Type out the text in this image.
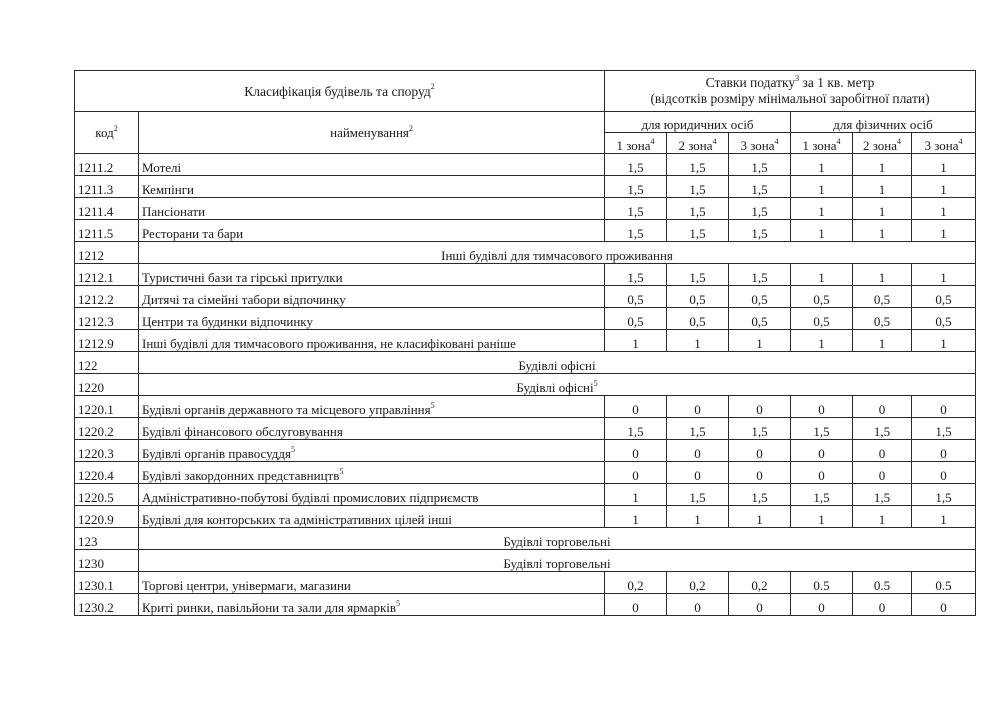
Класифікація будівель та споруд$^2$		Ставки податку$^3$ за 1 кв. метр
(відсотків розміру мінімальної заробітної плати)					
код$^2$	найменування$^2$	для юридичних осіб			для фізичних осіб		
		1 зона$^4$	2 зона$^4$	3 зона$^4$	1 зона$^4$	2 зона$^4$	3 зона$^4$
1211.2	Мотелі	1,5	1,5	1,5	1	1	1
1211.3	Кемпінги	1,5	1,5	1,5	1	1	1
1211.4	Пансіонати	1,5	1,5	1,5	1	1	1
1211.5	Ресторани та бари	1,5	1,5	1,5	1	1	1
1212	Інші будівлі для тимчасового проживання						
1212.1	Туристичні бази та гірські притулки	1,5	1,5	1,5	1	1	1
1212.2	Дитячі та сімейні табори відпочинку	0,5	0,5	0,5	0,5	0,5	0,5
1212.3	Центри та будинки відпочинку	0,5	0,5	0,5	0,5	0,5	0,5
1212.9	Інші будівлі для тимчасового проживання, не класифіковані раніше	1	1	1	1	1	1
122	Будівлі офісні						
1220	Будівлі офісні$^5$
1220.1	Будівлі органів державного та місцевого управління$^5$	0	0	0	0	0	0
1220.2	Будівлі фінансового обслуговування	1,5	1,5	1,5	1,5	1,5	1,5
1220.3	Будівлі органів правосуддя$^5$	0	0	0	0	0	0
1220.4	Будівлі закордонних представництв$^5$	0	0	0	0	0	0
1220.5	Адміністративно-побутові будівлі промислових підприємств	1	1,5	1,5	1,5	1,5	1,5
1220.9	Будівлі для конторських та адміністративних цілей інші	1	1	1	1	1	1
123	Будівлі торговельні						
1230	Будівлі торговельні						
1230.1	Торгові центри, універмаги, магазини	0,2	0,2	0,2	0.5	0.5	0.5
1230.2	Криті ринки, павільйони та зали для ярмарків$^5$	0	0	0	0	0	0
